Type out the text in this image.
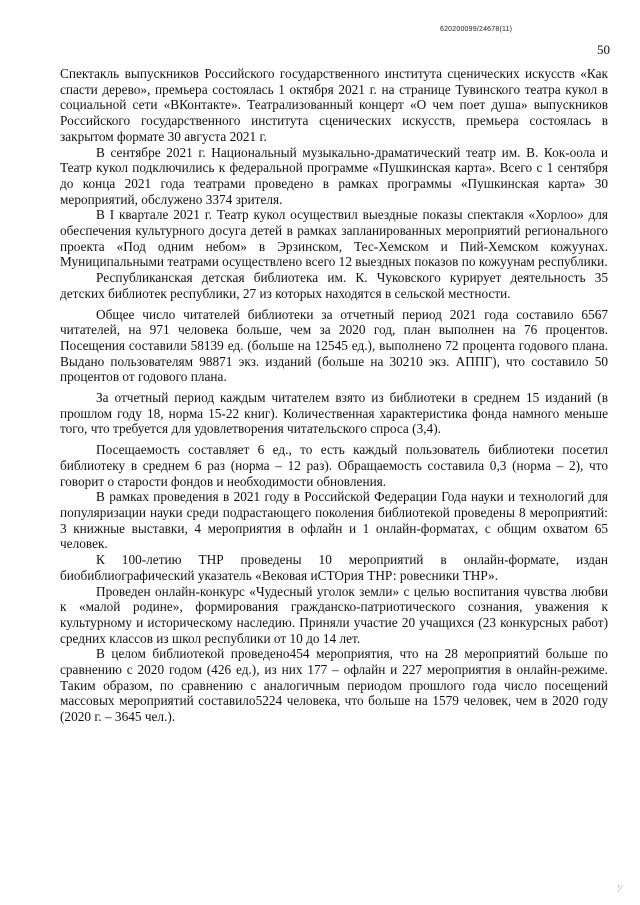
620200099/24678(11)
50

Спектакль выпускников Российского государственного института сценических искусств «Как спасти дерево», премьера состоялась 1 октября 2021 г. на странице Тувинского театра кукол в социальной сети «ВКонтакте». Театрализованный концерт «О чем поет душа» выпускников Российского государственного института сценических искусств, премьера состоялась в закрытом формате 30 августа 2021 г.

В сентябре 2021 г. Национальный музыкально-драматический театр им. В. Кок-оола и Театр кукол подключились к федеральной программе «Пушкинская карта». Всего с 1 сентября до конца 2021 года театрами проведено в рамках программы «Пушкинская карта» 30 мероприятий, обслужено 3374 зрителя.

В I квартале 2021 г. Театр кукол осуществил выездные показы спектакля «Хорлоо» для обеспечения культурного досуга детей в рамках запланированных мероприятий регионального проекта «Под одним небом» в Эрзинском, Тес-Хемском и Пий-Хемском кожуунах. Муниципальными театрами осуществлено всего 12 выездных показов по кожуунам республики.

Республиканская детская библиотека им. К. Чуковского курирует деятельность 35 детских библиотек республики, 27 из которых находятся в сельской местности.

Общее число читателей библиотеки за отчетный период 2021 года составило 6567 читателей, на 971 человека больше, чем за 2020 год, план выполнен на 76 процентов. Посещения составили 58139 ед. (больше на 12545 ед.), выполнено 72 процента годового плана. Выдано пользователям 98871 экз. изданий (больше на 30210 экз. АППГ), что составило 50 процентов от годового плана.

За отчетный период каждым читателем взято из библиотеки в среднем 15 изданий (в прошлом году 18, норма 15-22 книг). Количественная характеристика фонда намного меньше того, что требуется для удовлетворения читательского спроса (3,4).

Посещаемость составляет 6 ед., то есть каждый пользователь библиотеки посетил библиотеку в среднем 6 раз (норма – 12 раз). Обращаемость составила 0,3 (норма – 2), что говорит о старости фондов и необходимости обновления.

В рамках проведения в 2021 году в Российской Федерации Года науки и технологий для популяризации науки среди подрастающего поколения библиотекой проведены 8 мероприятий: 3 книжные выставки, 4 мероприятия в офлайн и 1 онлайн-форматах, с общим охватом 65 человек.

К 100-летию ТНР проведены 10 мероприятий в онлайн-формате, издан биобиблиографический указатель «Вековая иСТОрия ТНР: ровесники ТНР».

Проведен онлайн-конкурс «Чудесный уголок земли» с целью воспитания чувства любви к «малой родине», формирования гражданско-патриотического сознания, уважения к культурному и историческому наследию. Приняли участие 20 учащихся (23 конкурсных работ) средних классов из школ республики от 10 до 14 лет.

В целом библиотекой проведено454 мероприятия, что на 28 мероприятий больше по сравнению с 2020 годом (426 ед.), из них 177 – офлайн и 227 мероприятия в онлайн-режиме. Таким образом, по сравнению с аналогичным периодом прошлого года число посещений массовых мероприятий составило5224 человека, что больше на 1579 человек, чем в 2020 году (2020 г. – 3645 чел.).

ʼ⁄
